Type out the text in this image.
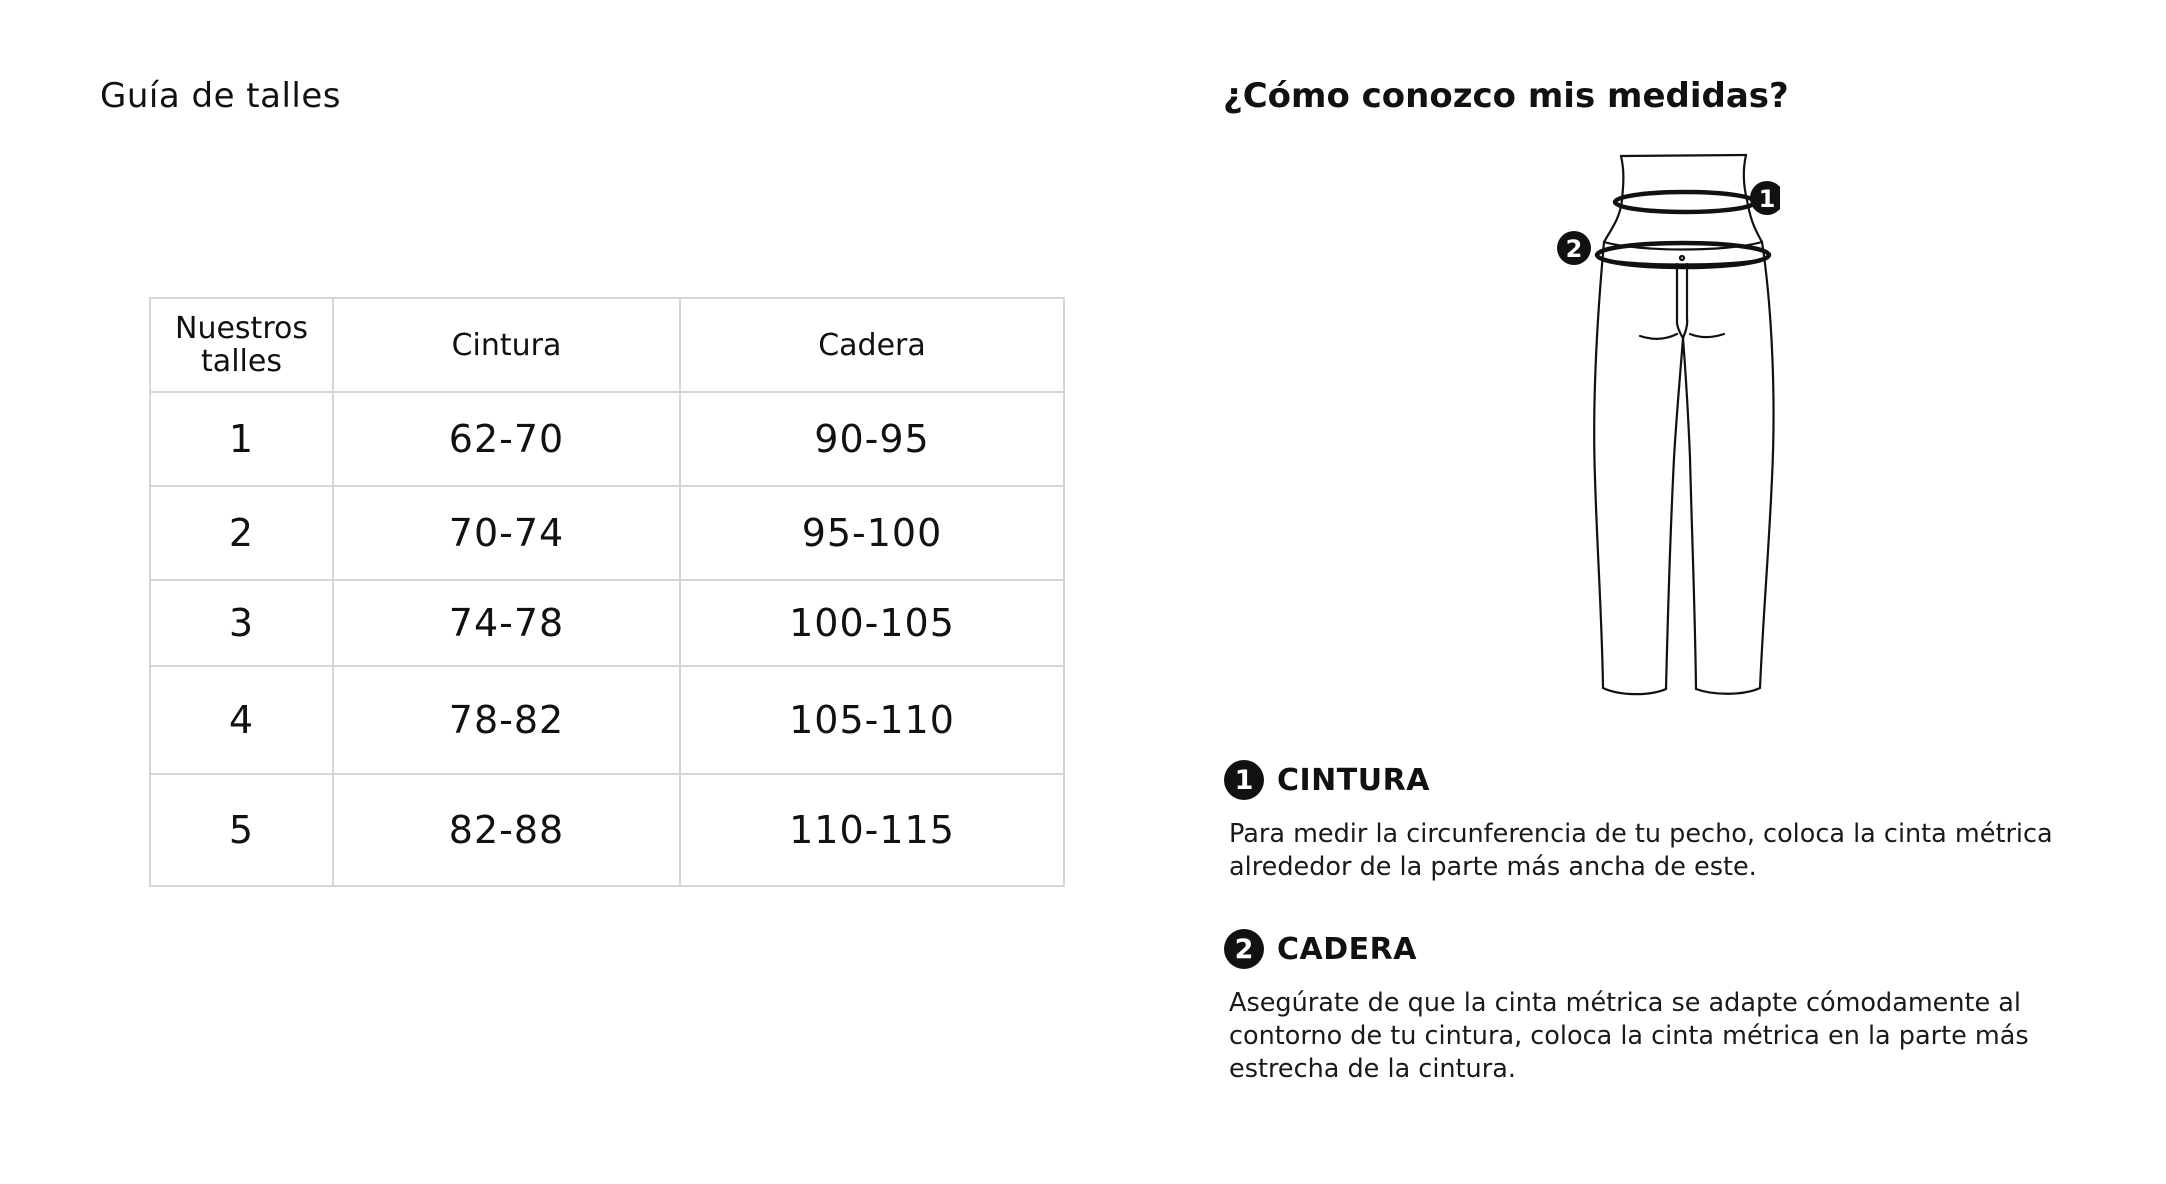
Guía de talles	¿Cómo conozco mis medidas?
Nuestros talles	Cintura	Cadera
1	62-70	90-95
2	70-74	95-100
3	74-78	100-105
4	78-82	105-110
5	82-88	110-115
1
2
1 CINTURA
Para medir la circunferencia de tu pecho, coloca la cinta métrica alrededor de la parte más ancha de este.
2 CADERA
Asegúrate de que la cinta métrica se adapte cómodamente al contorno de tu cintura, coloca la cinta métrica en la parte más estrecha de la cintura.
